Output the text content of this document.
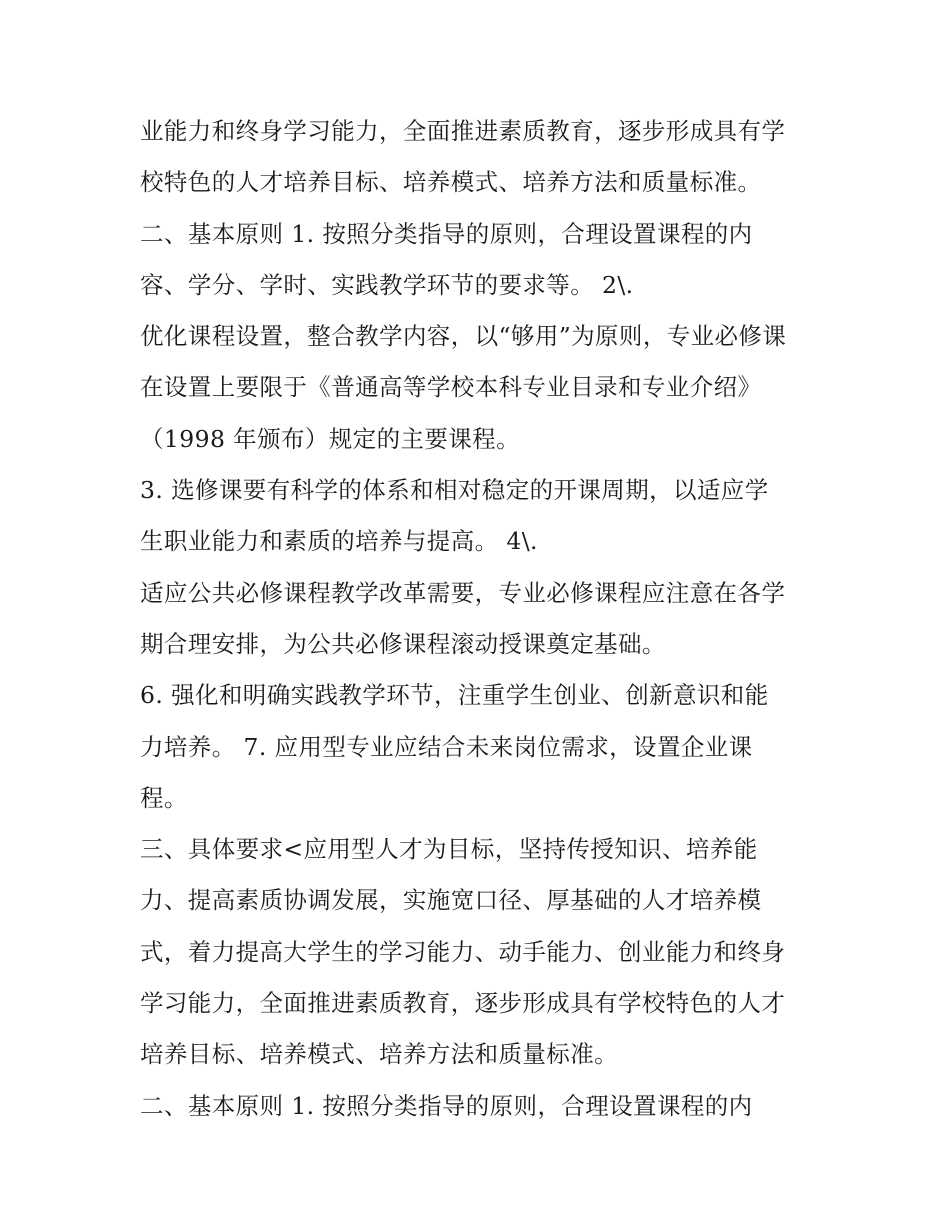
业能力和终身学习能力，全面推进素质教育，逐步形成具有学
校特色的人才培养目标、培养模式、培养方法和质量标准。
二、基本原则 1. 按照分类指导的原则，合理设置课程的内
容、学分、学时、实践教学环节的要求等。 2\.
优化课程设置，整合教学内容，以“够用”为原则，专业必修课
在设置上要限于《普通高等学校本科专业目录和专业介绍》
（1998 年颁布）规定的主要课程。
3. 选修课要有科学的体系和相对稳定的开课周期，以适应学
生职业能力和素质的培养与提高。 4\.
适应公共必修课程教学改革需要，专业必修课程应注意在各学
期合理安排，为公共必修课程滚动授课奠定基础。
6. 强化和明确实践教学环节，注重学生创业、创新意识和能
力培养。 7. 应用型专业应结合未来岗位需求，设置企业课
程。
三、具体要求<应用型人才为目标，坚持传授知识、培养能
力、提高素质协调发展，实施宽口径、厚基础的人才培养模
式，着力提高大学生的学习能力、动手能力、创业能力和终身
学习能力，全面推进素质教育，逐步形成具有学校特色的人才
培养目标、培养模式、培养方法和质量标准。
二、基本原则 1. 按照分类指导的原则，合理设置课程的内
